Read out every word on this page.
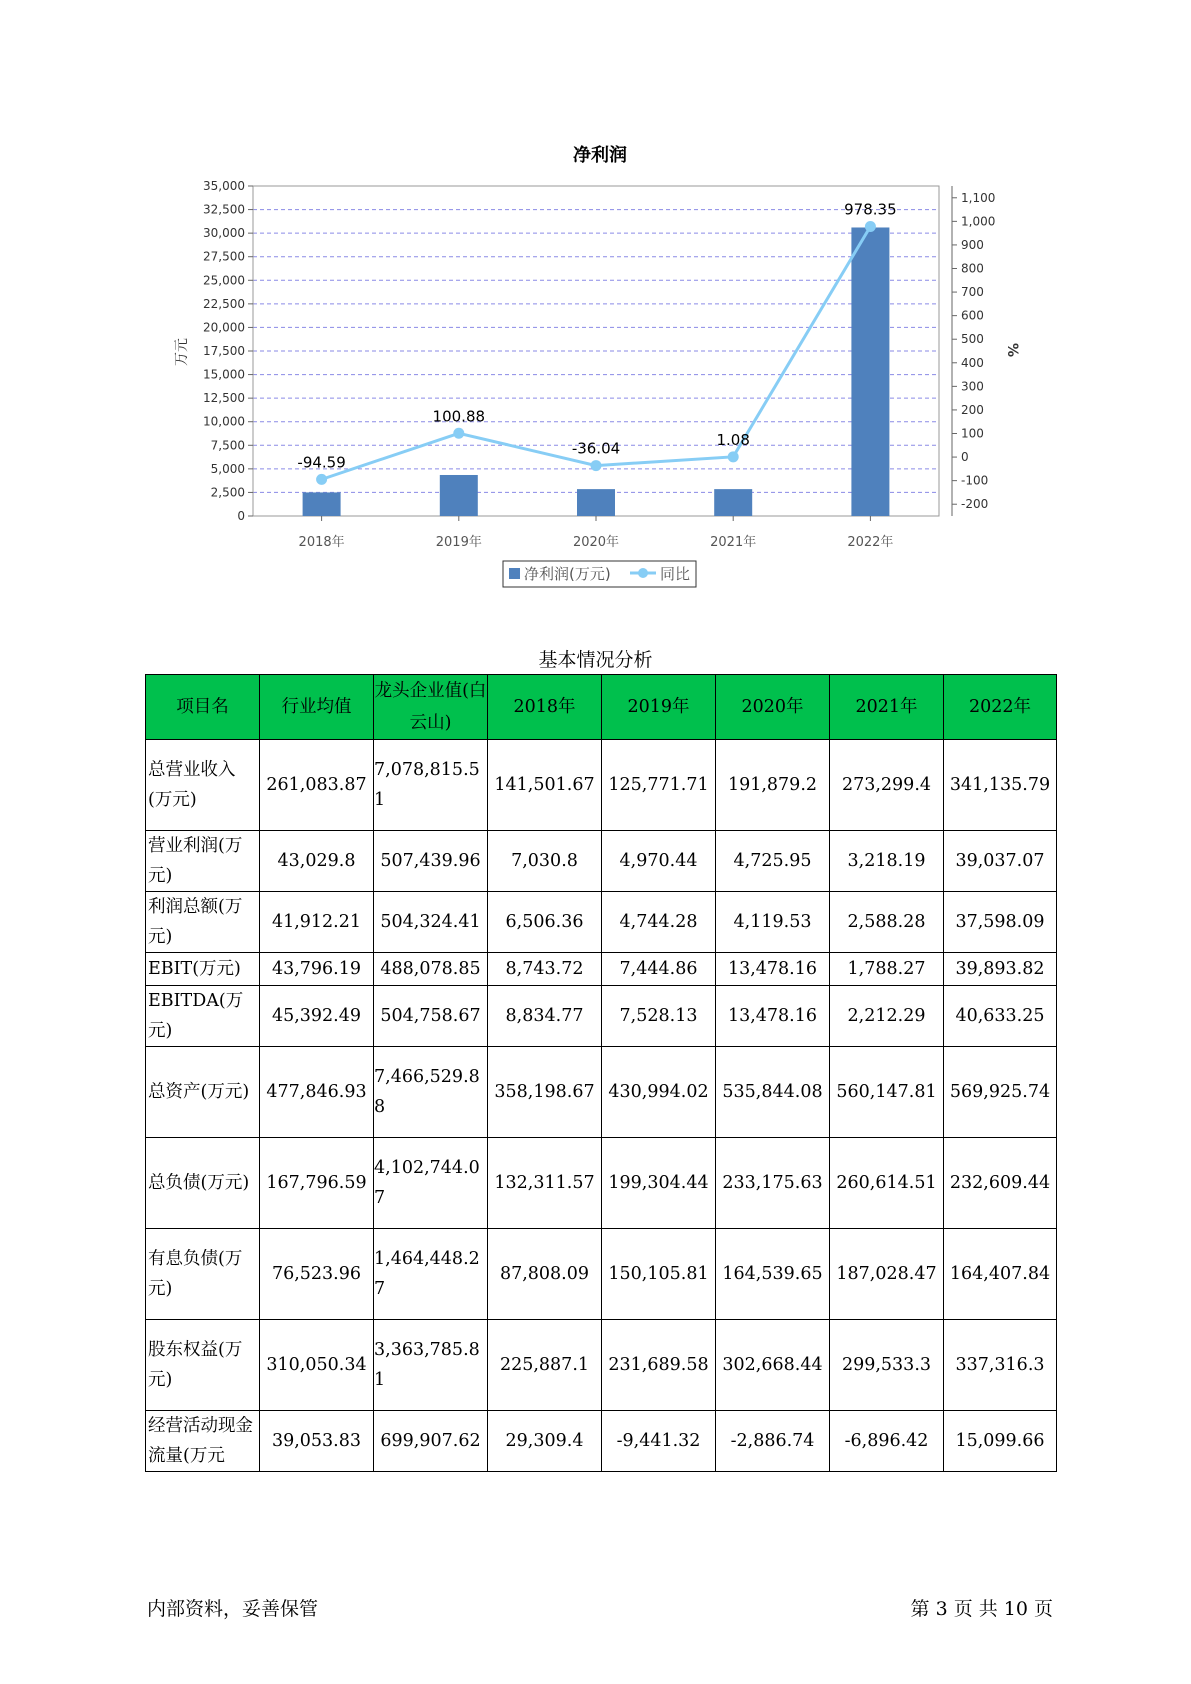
净利润
0
2,500
5,000
7,500
10,000
12,500
15,000
17,500
20,000
22,500
25,000
27,500
30,000
32,500
35,000
-200
-100
0
100
200
300
400
500
600
700
800
900
1,000
1,100
万元	%
2018年	2019年	2020年	2021年	2022年
-94.59
100.88
-36.04	1.08
978.35
净利润(万元)	同比
基本情况分析
项目名	行业均值	龙头企业值(白云山)	2018年	2019年	2020年	2021年	2022年
总营业收入(万元)	261,083.87	7,078,815.51	141,501.67	125,771.71	191,879.2	273,299.4	341,135.79
营业利润(万元)	43,029.8	507,439.96	7,030.8	4,970.44	4,725.95	3,218.19	39,037.07
利润总额(万元)	41,912.21	504,324.41	6,506.36	4,744.28	4,119.53	2,588.28	37,598.09
EBIT(万元)	43,796.19	488,078.85	8,743.72	7,444.86	13,478.16	1,788.27	39,893.82
EBITDA(万元)	45,392.49	504,758.67	8,834.77	7,528.13	13,478.16	2,212.29	40,633.25
总资产(万元)	477,846.93	7,466,529.88	358,198.67	430,994.02	535,844.08	560,147.81	569,925.74
总负债(万元)	167,796.59	4,102,744.07	132,311.57	199,304.44	233,175.63	260,614.51	232,609.44
有息负债(万元)	76,523.96	1,464,448.27	87,808.09	150,105.81	164,539.65	187,028.47	164,407.84
股东权益(万元)	310,050.34	3,363,785.81	225,887.1	231,689.58	302,668.44	299,533.3	337,316.3
经营活动现金流量(万元	39,053.83	699,907.62	29,309.4	-9,441.32	-2,886.74	-6,896.42	15,099.66
内部资料，妥善保管	第 3 页 共 10 页
